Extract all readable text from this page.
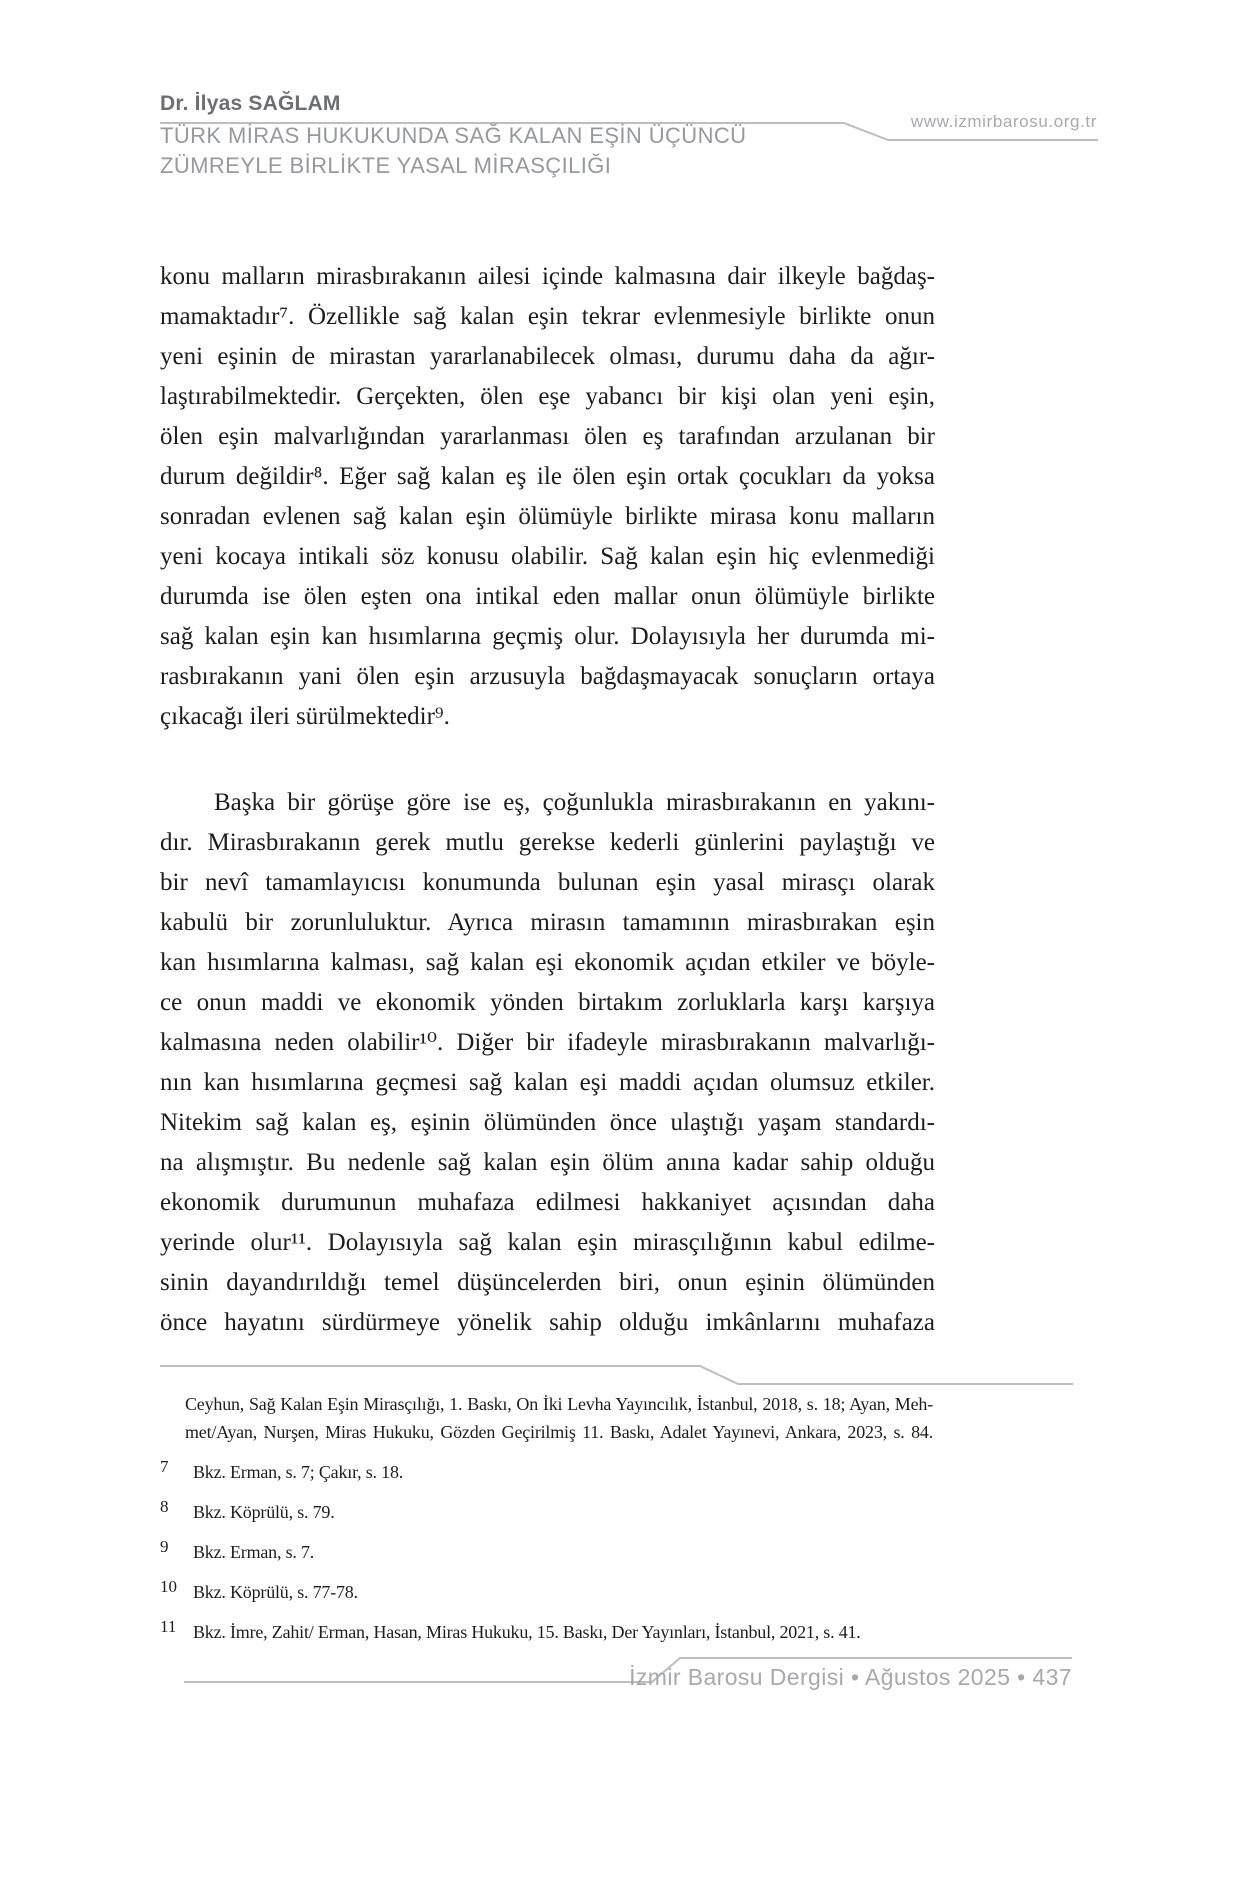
Dr. İlyas SAĞLAM
www.izmirbarosu.org.tr
TÜRK MİRAS HUKUKUNDA SAĞ KALAN EŞİN ÜÇÜNCÜ
ZÜMREYLE BİRLİKTE YASAL MİRASÇILIĞI
konu malların mirasbırakanın ailesi içinde kalmasına dair ilkeyle bağdaş-
mamaktadır⁷. Özellikle sağ kalan eşin tekrar evlenmesiyle birlikte onun
yeni eşinin de mirastan yararlanabilecek olması, durumu daha da ağır-
laştırabilmektedir. Gerçekten, ölen eşe yabancı bir kişi olan yeni eşin,
ölen eşin malvarlığından yararlanması ölen eş tarafından arzulanan bir
durum değildir⁸. Eğer sağ kalan eş ile ölen eşin ortak çocukları da yoksa
sonradan evlenen sağ kalan eşin ölümüyle birlikte mirasa konu malların
yeni kocaya intikali söz konusu olabilir. Sağ kalan eşin hiç evlenmediği
durumda ise ölen eşten ona intikal eden mallar onun ölümüyle birlikte
sağ kalan eşin kan hısımlarına geçmiş olur. Dolayısıyla her durumda mi-
rasbırakanın yani ölen eşin arzusuyla bağdaşmayacak sonuçların ortaya
çıkacağı ileri sürülmektedir⁹.
Başka bir görüşe göre ise eş, çoğunlukla mirasbırakanın en yakını-
dır. Mirasbırakanın gerek mutlu gerekse kederli günlerini paylaştığı ve
bir nevî tamamlayıcısı konumunda bulunan eşin yasal mirasçı olarak
kabulü bir zorunluluktur. Ayrıca mirasın tamamının mirasbırakan eşin
kan hısımlarına kalması, sağ kalan eşi ekonomik açıdan etkiler ve böyle-
ce onun maddi ve ekonomik yönden birtakım zorluklarla karşı karşıya
kalmasına neden olabilir¹⁰. Diğer bir ifadeyle mirasbırakanın malvarlığı-
nın kan hısımlarına geçmesi sağ kalan eşi maddi açıdan olumsuz etkiler.
Nitekim sağ kalan eş, eşinin ölümünden önce ulaştığı yaşam standardı-
na alışmıştır. Bu nedenle sağ kalan eşin ölüm anına kadar sahip olduğu
ekonomik durumunun muhafaza edilmesi hakkaniyet açısından daha
yerinde olur¹¹. Dolayısıyla sağ kalan eşin mirasçılığının kabul edilme-
sinin dayandırıldığı temel düşüncelerden biri, onun eşinin ölümünden
önce hayatını sürdürmeye yönelik sahip olduğu imkânlarını muhafaza
Ceyhun, Sağ Kalan Eşin Mirasçılığı, 1. Baskı, On İki Levha Yayıncılık, İstanbul, 2018, s. 18; Ayan, Meh-
met/Ayan, Nurşen, Miras Hukuku, Gözden Geçirilmiş 11. Baskı, Adalet Yayınevi, Ankara, 2023, s. 84.
7 Bkz. Erman, s. 7; Çakır, s. 18.
8 Bkz. Köprülü, s. 79.
9 Bkz. Erman, s. 7.
10 Bkz. Köprülü, s. 77-78.
11 Bkz. İmre, Zahit/ Erman, Hasan, Miras Hukuku, 15. Baskı, Der Yayınları, İstanbul, 2021, s. 41.
İzmir Barosu Dergisi • Ağustos 2025 • 437
